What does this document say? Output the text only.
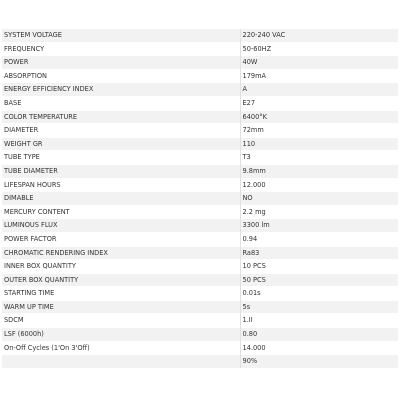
SYSTEM VOLTAGE	220-240 VAC
FREQUENCY	50-60HZ
POWER	40W
ABSORPTION	179mA
ENERGY EFFICIENCY INDEX	A
BASE	E27
COLOR TEMPERATURE	6400°K
DIAMETER	72mm
WEIGHT GR	110
TUBE TYPE	T3
TUBE DIAMETER	9.8mm
LIFESPAN HOURS	12.000
DIMABLE	NO
MERCURY CONTENT	2.2 mg
LUMINOUS FLUX	3300 lm
POWER FACTOR	0.94
CHROMATIC RENDERING INDEX	Ra83
INNER BOX QUANTITY	10 PCS
OUTER BOX QUANTITY	50 PCS
STARTING TIME	0.01s
WARM UP TIME	5s
SDCM	1.II
LSF (6000h)	0.80
On-Off Cycles (1'On 3'Off)	14.000
	90%
